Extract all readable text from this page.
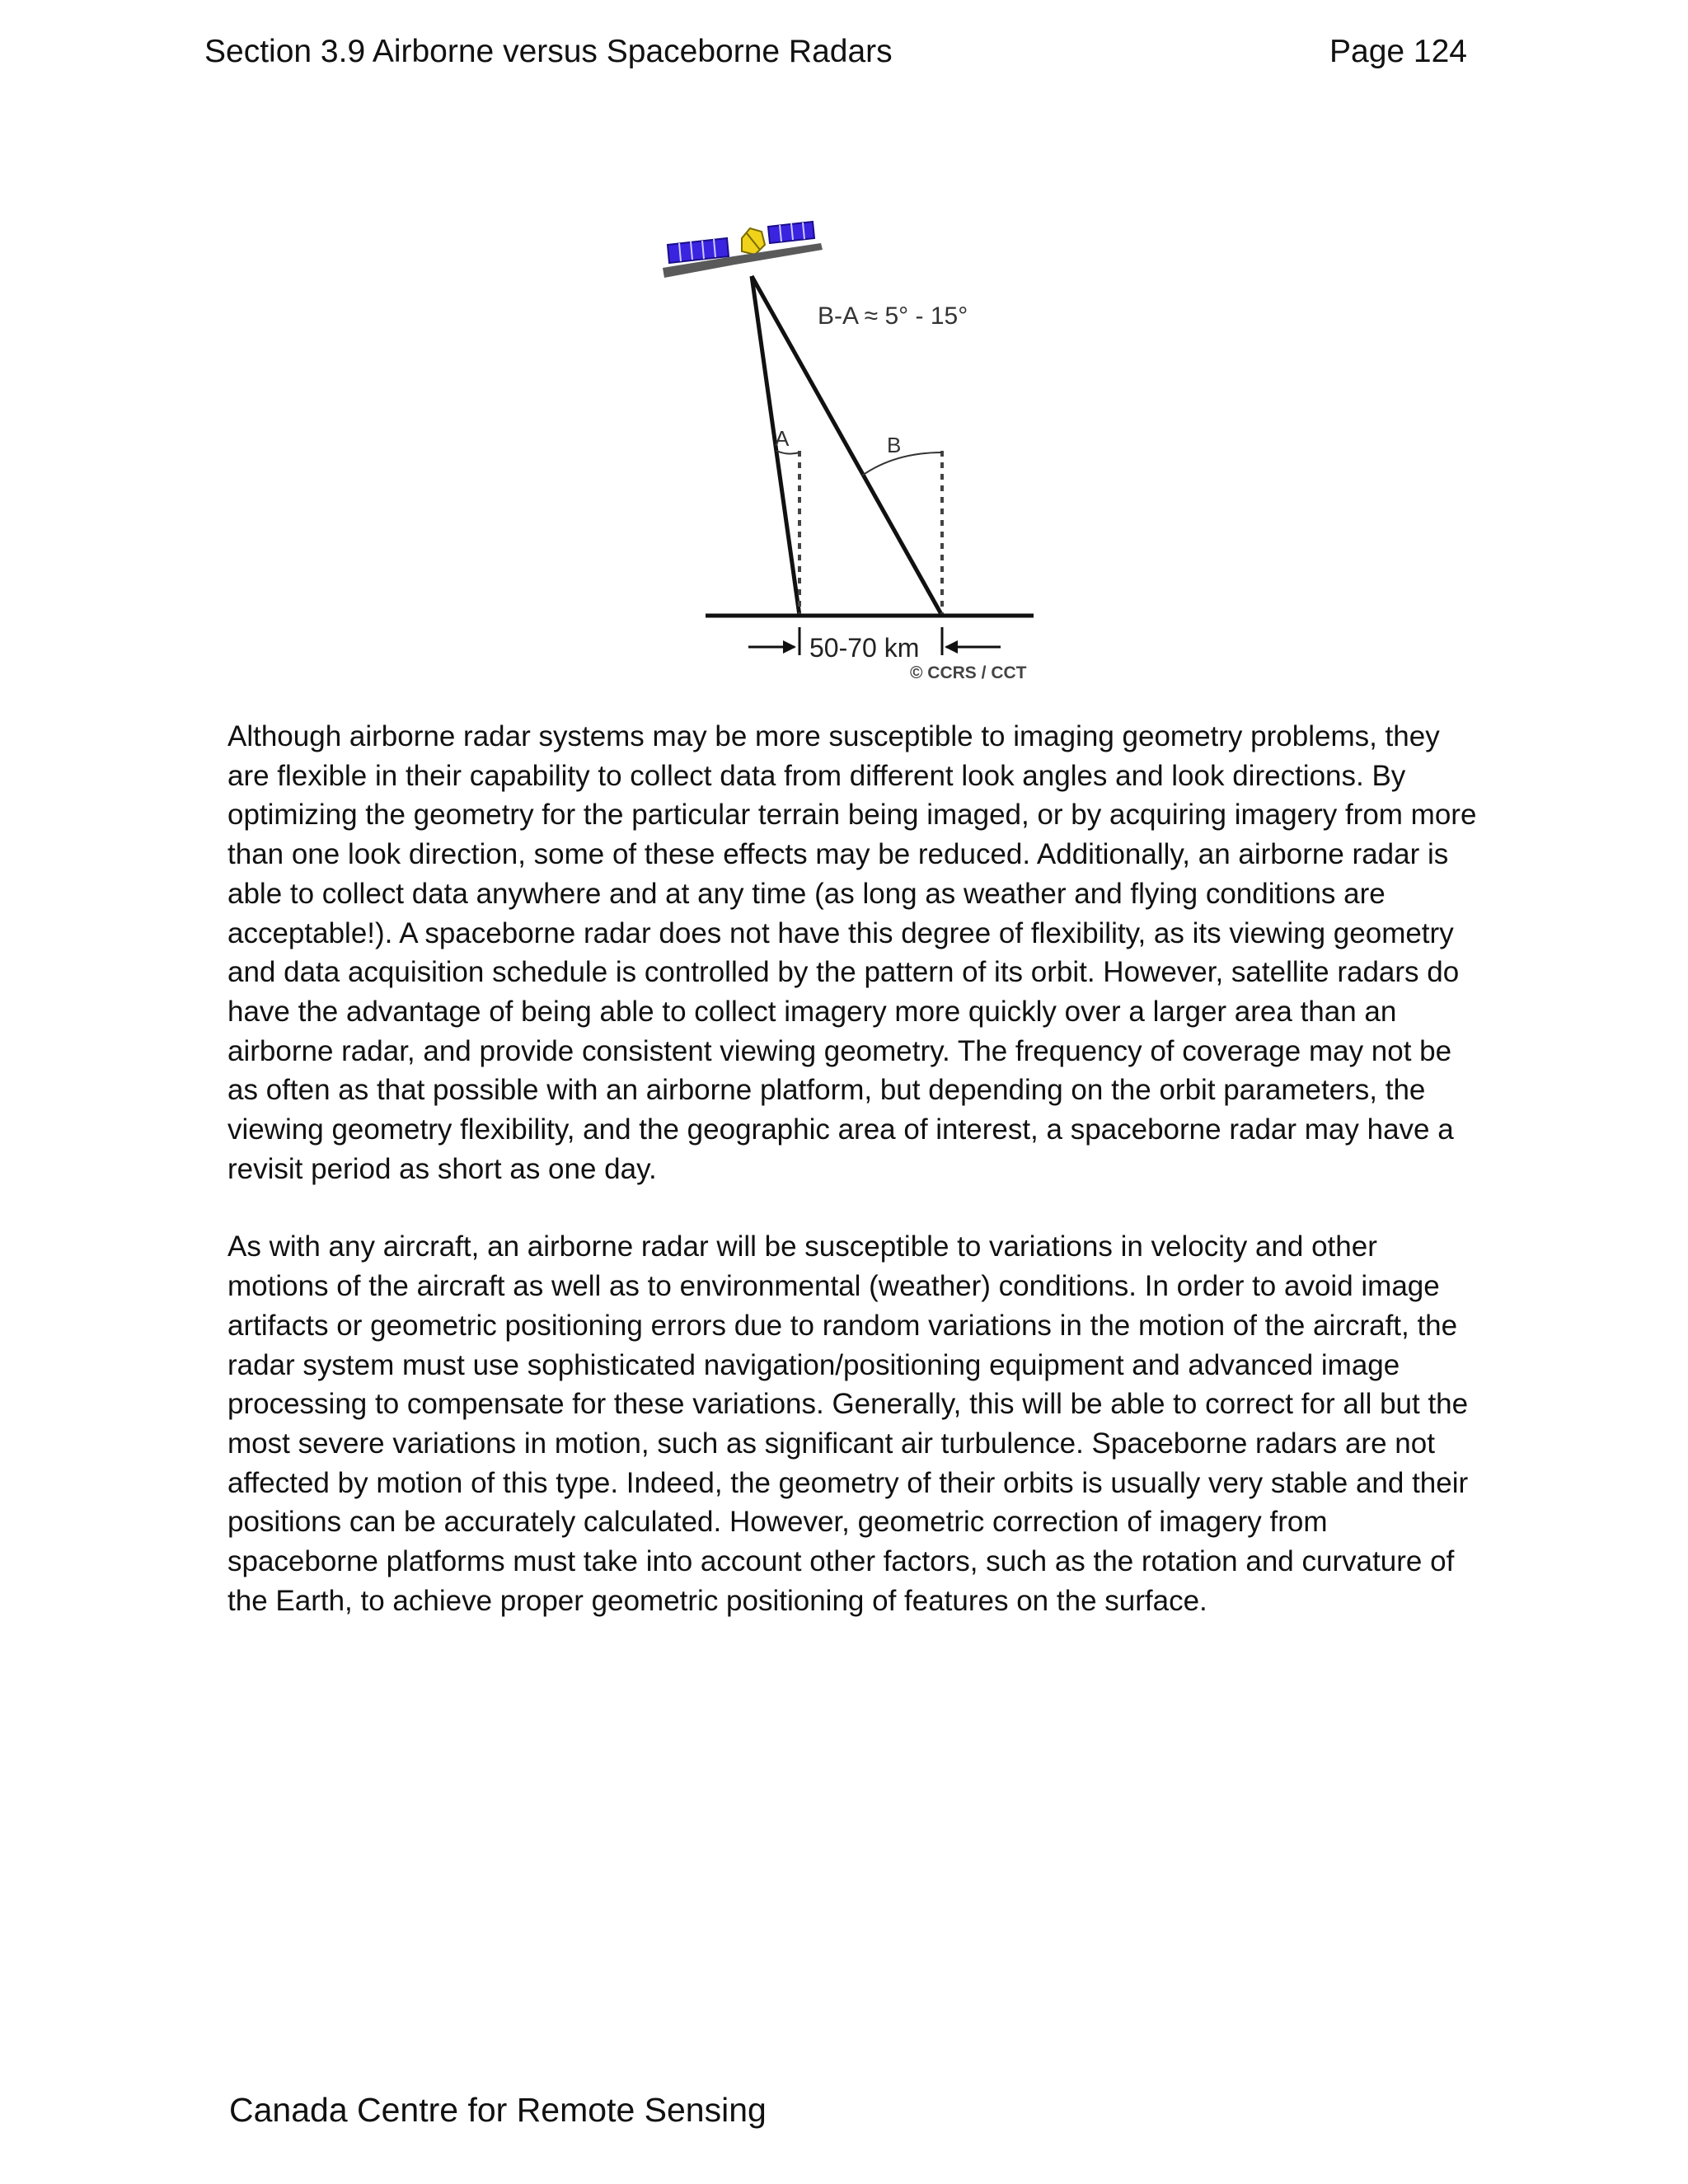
Section 3.9 Airborne versus Spaceborne Radars	Page 124
B-A ≈ 5° - 15°
A	B
50-70 km
© CCRS / CCT

Although airborne radar systems may be more susceptible to imaging geometry problems, they are flexible in their capability to collect data from different look angles and look directions. By optimizing the geometry for the particular terrain being imaged, or by acquiring imagery from more than one look direction, some of these effects may be reduced. Additionally, an airborne radar is able to collect data anywhere and at any time (as long as weather and flying conditions are acceptable!). A spaceborne radar does not have this degree of flexibility, as its viewing geometry and data acquisition schedule is controlled by the pattern of its orbit. However, satellite radars do have the advantage of being able to collect imagery more quickly over a larger area than an airborne radar, and provide consistent viewing geometry. The frequency of coverage may not be as often as that possible with an airborne platform, but depending on the orbit parameters, the viewing geometry flexibility, and the geographic area of interest, a spaceborne radar may have a revisit period as short as one day.

As with any aircraft, an airborne radar will be susceptible to variations in velocity and other motions of the aircraft as well as to environmental (weather) conditions. In order to avoid image artifacts or geometric positioning errors due to random variations in the motion of the aircraft, the radar system must use sophisticated navigation/positioning equipment and advanced image processing to compensate for these variations. Generally, this will be able to correct for all but the most severe variations in motion, such as significant air turbulence. Spaceborne radars are not affected by motion of this type. Indeed, the geometry of their orbits is usually very stable and their positions can be accurately calculated. However, geometric correction of imagery from spaceborne platforms must take into account other factors, such as the rotation and curvature of the Earth, to achieve proper geometric positioning of features on the surface.

Canada Centre for Remote Sensing
